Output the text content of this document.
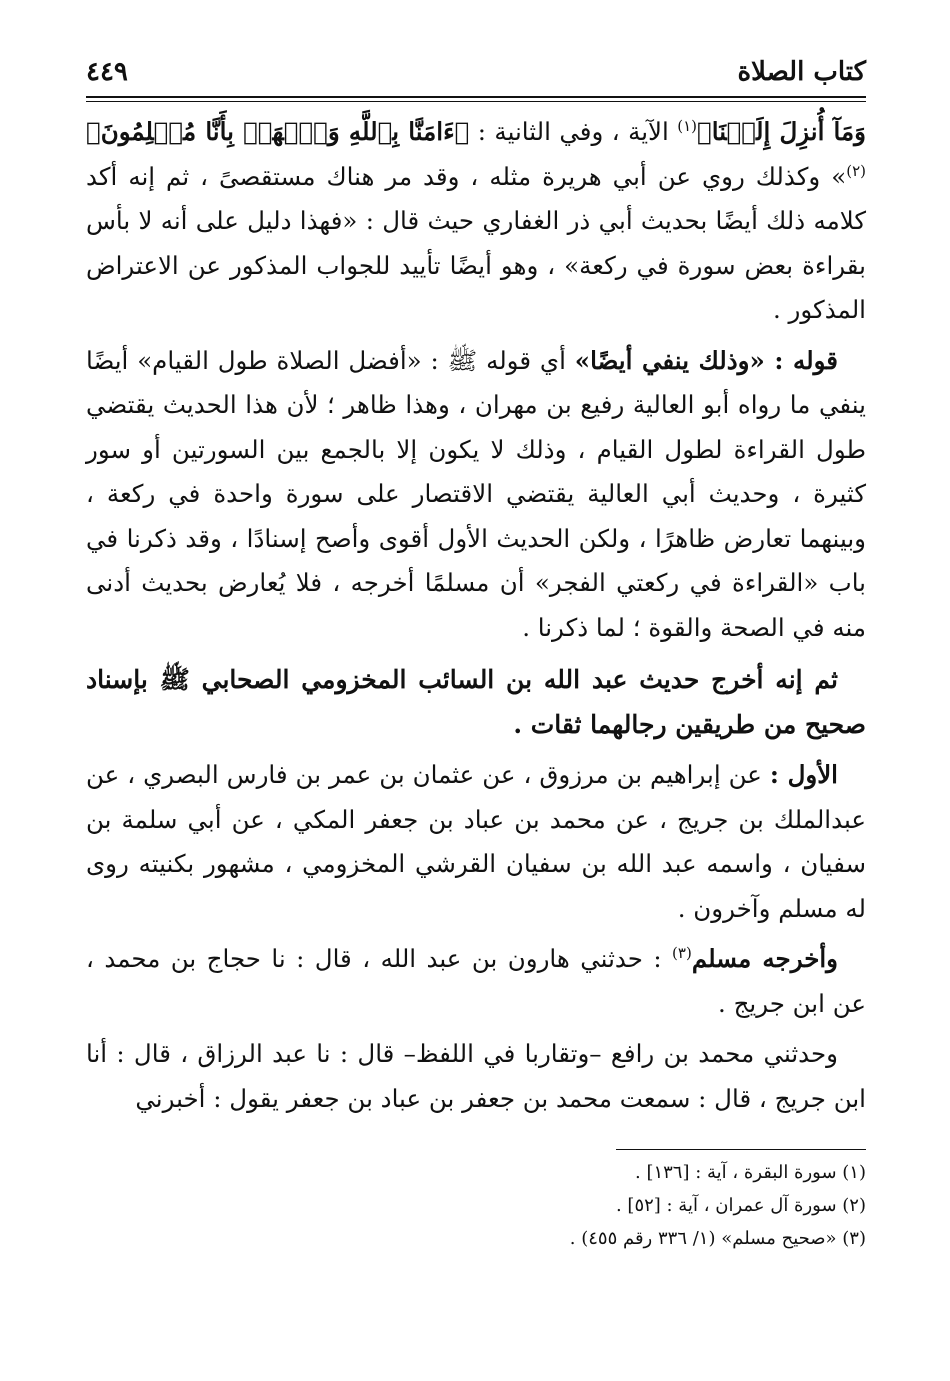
كتاب الصلاة
٤٤٩

وَمَآ أُنزِلَ إِلَيۡنَا﴾$^{(١)}$ الآية ، وفي الثانية : ﴿ءَامَنَّا بِٱللَّهِ وَٱشۡهَدۡ بِأَنَّا مُسۡلِمُونَ﴾$^{(٢)}$» وكذلك روي عن أبي هريرة مثله ، وقد مر هناك مستقصىً ، ثم إنه أكد كلامه ذلك أيضًا بحديث أبي ذر الغفاري حيث قال : «فهذا دليل على أنه لا بأس بقراءة بعض سورة في ركعة» ، وهو أيضًا تأييد للجواب المذكور عن الاعتراض المذكور .

قوله : «وذلك ينفي أيضًا» أي قوله ﷺ : «أفضل الصلاة طول القيام» أيضًا ينفي ما رواه أبو العالية رفيع بن مهران ، وهذا ظاهر ؛ لأن هذا الحديث يقتضي طول القراءة لطول القيام ، وذلك لا يكون إلا بالجمع بين السورتين أو سور كثيرة ، وحديث أبي العالية يقتضي الاقتصار على سورة واحدة في ركعة ، وبينهما تعارض ظاهرًا ، ولكن الحديث الأول أقوى وأصح إسنادًا ، وقد ذكرنا في باب «القراءة في ركعتي الفجر» أن مسلمًا أخرجه ، فلا يُعارض بحديث أدنى منه في الصحة والقوة ؛ لما ذكرنا .

ثم إنه أخرج حديث عبد الله بن السائب المخزومي الصحابي ﷺ بإسناد صحيح من طريقين رجالهما ثقات .

الأول : عن إبراهيم بن مرزوق ، عن عثمان بن عمر بن فارس البصري ، عن عبدالملك بن جريج ، عن محمد بن عباد بن جعفر المكي ، عن أبي سلمة بن سفيان ، واسمه عبد الله بن سفيان القرشي المخزومي ، مشهور بكنيته روى له مسلم وآخرون .

وأخرجه مسلم$^{(٣)}$ : حدثني هارون بن عبد الله ، قال : نا حجاج بن محمد ، عن ابن جريج .

وحدثني محمد بن رافع –وتقاربا في اللفظ– قال : نا عبد الرزاق ، قال : أنا ابن جريج ، قال : سمعت محمد بن جعفر بن عباد بن جعفر يقول : أخبرني

(١) سورة البقرة ، آية : [١٣٦] .

(٢) سورة آل عمران ، آية : [٥٢] .

(٣) «صحيح مسلم» (١/ ٣٣٦ رقم ٤٥٥) .
